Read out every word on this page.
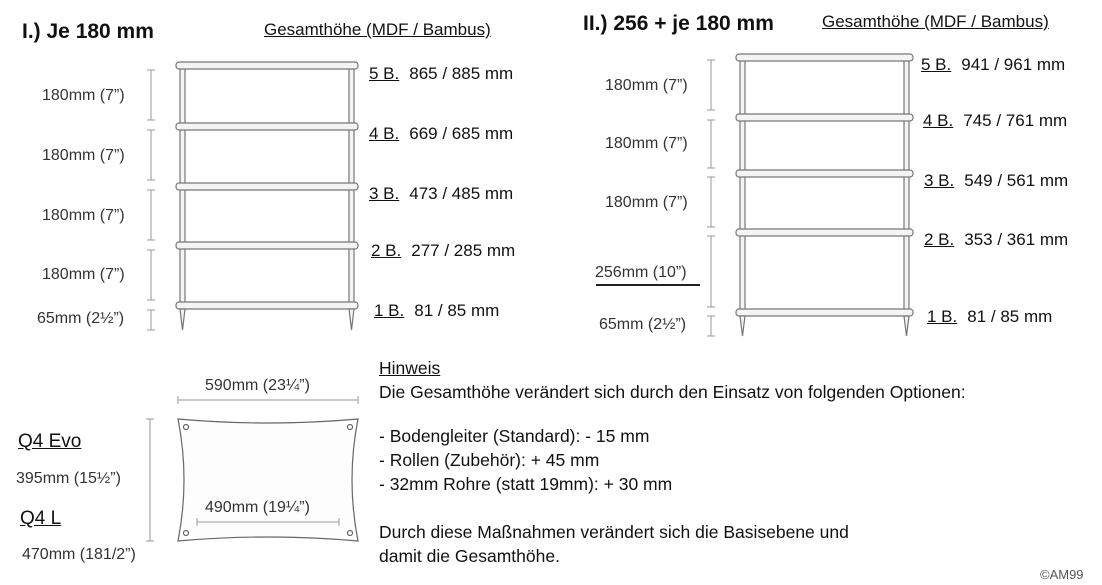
I.) Je 180 mm	Gesamthöhe (MDF / Bambus)
180mm (7”)
180mm (7”)
180mm (7”)
180mm (7”)
65mm (2½”)
5 B. 865 / 885 mm
4 B. 669 / 685 mm
3 B. 473 / 485 mm
2 B. 277 / 285 mm
1 B. 81 / 85 mm
II.) 256 + je 180 mm	Gesamthöhe (MDF / Bambus)
180mm (7”)
180mm (7”)
180mm (7”)
256mm (10”)
65mm (2½”)
5 B. 941 / 961 mm
4 B. 745 / 761 mm
3 B. 549 / 561 mm
2 B. 353 / 361 mm
1 B. 81 / 85 mm
590mm (23¼”)
490mm (19¼”)
Q4 Evo
395mm (15½”)
Q4 L
470mm (181/2”)
Hinweis
Die Gesamthöhe verändert sich durch den Einsatz von folgenden Optionen:
- Bodengleiter (Standard): - 15 mm
- Rollen (Zubehör): + 45 mm
- 32mm Rohre (statt 19mm): + 30 mm
Durch diese Maßnahmen verändert sich die Basisebene und
damit die Gesamthöhe.
©AM99
